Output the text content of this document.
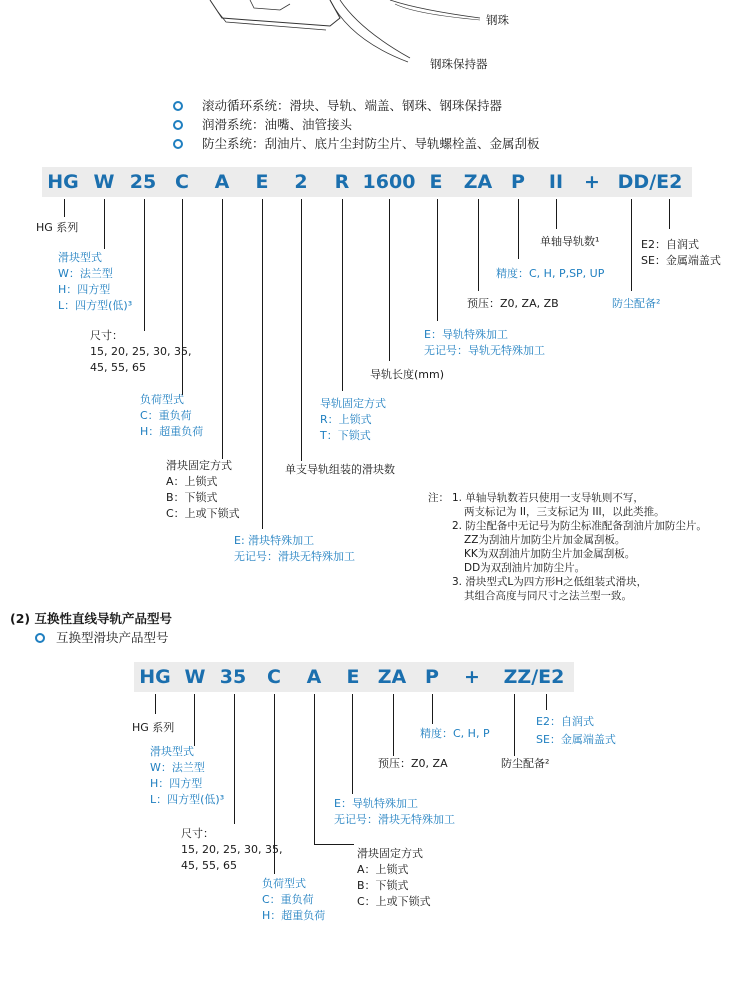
钢珠
钢珠保持器
滚动循环系统：滑块、导轨、端盖、钢珠、钢珠保持器
润滑系统：油嘴、油管接头
防尘系统：刮油片、底片尘封防尘片、导轨螺栓盖、金属刮板
HG W 25 C A E 2 R 1600 E ZA P II + DD/E2
HG 系列
滑块型式
W：法兰型
H：四方型
L：四方型(低)³
尺寸：
15, 20, 25, 30, 35,
45, 55, 65
负荷型式
C：重负荷
H：超重负荷
滑块固定方式
A：上锁式
B：下锁式
C：上或下锁式
E: 滑块特殊加工
无记号：滑块无特殊加工
单支导轨组装的滑块数
导轨固定方式
R：上锁式
T：下锁式
导轨长度(mm)
E：导轨特殊加工
无记号：导轨无特殊加工
预压：Z0, ZA, ZB
精度：C, H, P,SP, UP
单轴导轨数¹
防尘配备²
E2：自润式
SE：金属端盖式
注： 1. 单轴导轨数若只使用一支导轨则不写，
两支标记为 II，三支标记为 III，以此类推。
2. 防尘配备中无记号为防尘标准配备刮油片加防尘片。
ZZ为刮油片加防尘片加金属刮板。
KK为双刮油片加防尘片加金属刮板。
DD为双刮油片加防尘片。
3. 滑块型式L为四方形H之低组装式滑块，
其组合高度与同尺寸之法兰型一致。
(2) 互换性直线导轨产品型号
互换型滑块产品型号
HG W 35 C A E ZA P + ZZ/E2
HG 系列
滑块型式
W：法兰型
H：四方型
L：四方型(低)³
尺寸：
15, 20, 25, 30, 35,
45, 55, 65
负荷型式
C：重负荷
H：超重负荷
滑块固定方式
A：上锁式
B：下锁式
C：上或下锁式
E：导轨特殊加工
无记号：滑块无特殊加工
预压：Z0, ZA
精度：C, H, P
防尘配备²
E2：自润式
SE：金属端盖式
